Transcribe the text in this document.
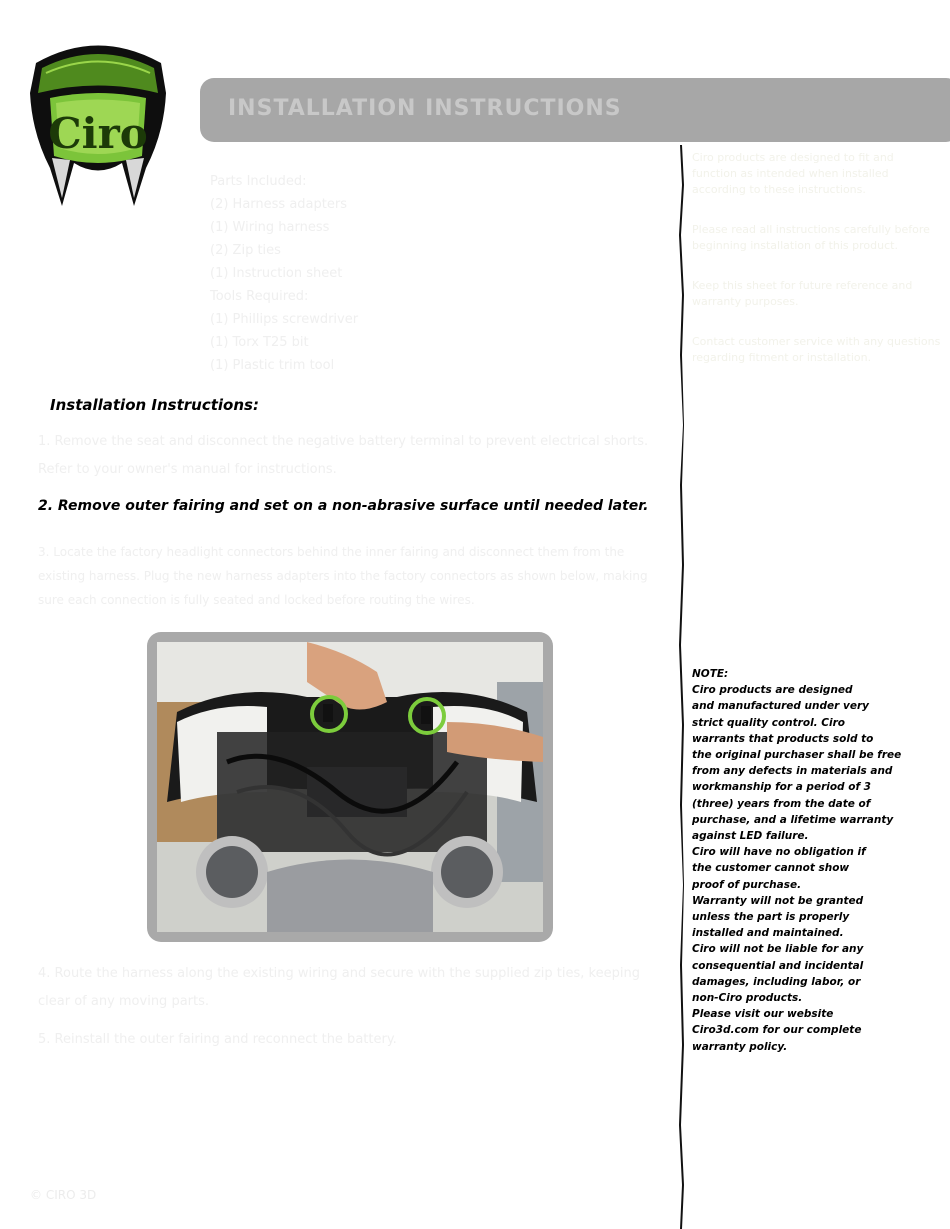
Ciro
INSTALLATION INSTRUCTIONS
Parts Included:
(2) Harness adapters
(1) Wiring harness
(2) Zip ties
(1) Instruction sheet
Tools Required:
(1) Phillips screwdriver
(1) Torx T25 bit
(1) Plastic trim tool
Installation Instructions:
1. Remove the seat and disconnect the negative battery terminal to prevent electrical shorts. Refer to your owner's manual for instructions.
2. Remove outer fairing and set on a non-abrasive surface until needed later.
3. Locate the factory headlight connectors behind the inner fairing and disconnect them from the existing harness. Plug the new harness adapters into the factory connectors as shown below, making sure each connection is fully seated and locked before routing the wires.
4. Route the harness along the existing wiring and secure with the supplied zip ties, keeping clear of any moving parts.
5. Reinstall the outer fairing and reconnect the battery.
© CIRO 3D
Ciro products are designed to fit and function as intended when installed according to these instructions.
Please read all instructions carefully before beginning installation of this product.
Keep this sheet for future reference and warranty purposes.
Contact customer service with any questions regarding fitment or installation.
NOTE:
Ciro products are designed
and manufactured under very
strict quality control. Ciro
warrants that products sold to
the original purchaser shall be free
from any defects in materials and
workmanship for a period of 3
(three) years from the date of
purchase, and a lifetime warranty
against LED failure.
Ciro will have no obligation if
the customer cannot show
proof of purchase.
Warranty will not be granted
unless the part is properly
installed and maintained.
Ciro will not be liable for any
consequential and incidental
damages, including labor, or
non-Ciro products.
Please visit our website
Ciro3d.com for our complete
warranty policy.
